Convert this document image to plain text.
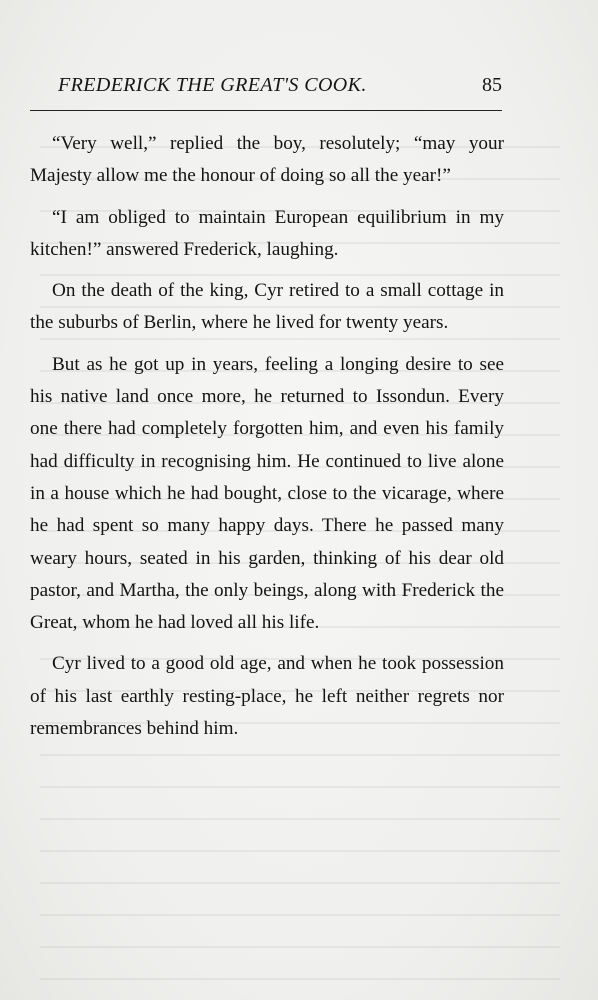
FREDERICK THE GREAT'S COOK.	85

“Very well,” replied the boy, resolutely; “may your Majesty allow me the honour of doing so all the year!”

“I am obliged to maintain European equilibrium in my kitchen!” answered Frederick, laughing.

On the death of the king, Cyr retired to a small cottage in the suburbs of Berlin, where he lived for twenty years.

But as he got up in years, feeling a longing desire to see his native land once more, he returned to Issondun. Every one there had completely forgotten him, and even his family had difficulty in recognising him. He continued to live alone in a house which he had bought, close to the vicarage, where he had spent so many happy days. There he passed many weary hours, seated in his garden, thinking of his dear old pastor, and Martha, the only beings, along with Frederick the Great, whom he had loved all his life.

Cyr lived to a good old age, and when he took possession of his last earthly resting-place, he left neither regrets nor remembrances behind him.
